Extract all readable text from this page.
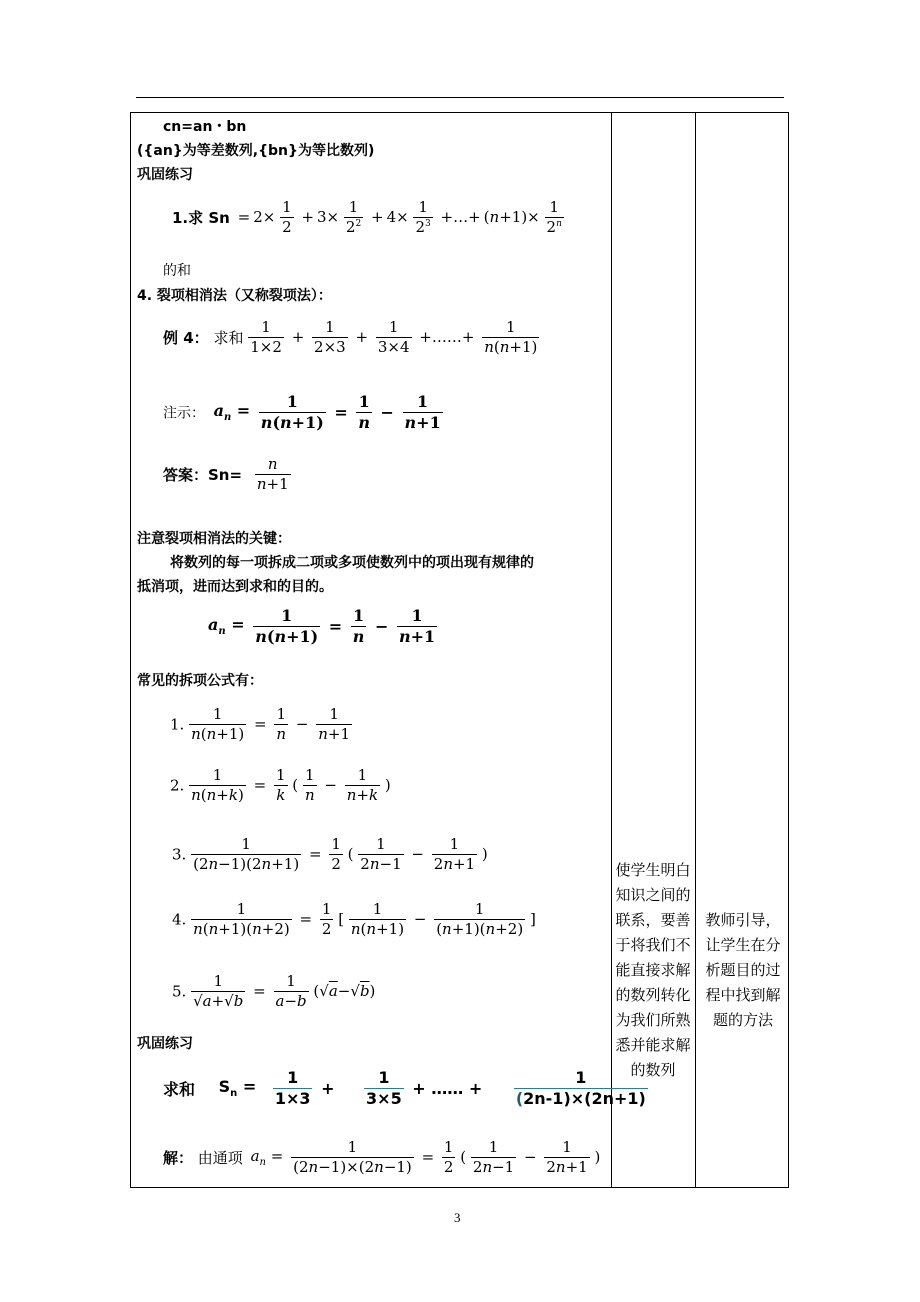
cn=an・bn
({an}为等差数列,{bn}为等比数列)
巩固练习
1.求 $Sn = 2\times \frac{1}{2} + 3\times \frac{1}{2^2} + 4\times \frac{1}{2^3}$ +…+ $(n+1)\times \frac{1}{2^n}$
的和
4. 裂项相消法（又称裂项法）：
例 4： 求和 $\frac{1}{1\times 2} + \frac{1}{2\times 3} + \frac{1}{3\times 4}$ +……+ $\frac{1}{n(n+1)}$
注示： $a_n = \frac{1}{n(n+1)} = \frac{1}{n} - \frac{1}{n+1}$
答案：$Sn= \frac{n}{n+1}$
注意裂项相消法的关键：
将数列的每一项拆成二项或多项使数列中的项出现有规律的
抵消项，进而达到求和的目的。
$a_n = \frac{1}{n(n+1)} = \frac{1}{n} - \frac{1}{n+1}$
常见的拆项公式有：
1. $\frac{1}{n(n+1)} = \frac{1}{n} - \frac{1}{n+1}$
2. $\frac{1}{n(n+k)} = \frac{1}{k}$ ( $\frac{1}{n} - \frac{1}{n+k}$ )
3. $\frac{1}{(2n-1)(2n+1)} = \frac{1}{2}$ ( $\frac{1}{2n-1} - \frac{1}{2n+1}$ )
4. $\frac{1}{n(n+1)(n+2)} = \frac{1}{2}$ [ $\frac{1}{n(n+1)} - \frac{1}{(n+1)(n+2)}$ ]
5. $\frac{1}{√a+√b} = \frac{1}{a-b} (√a-√b)$
巩固练习
求和 $S_n = \frac{1}{1\times 3} + \frac{1}{3\times 5}$ + …… + $\frac{1}{(2n-1)\times(2n+1)}$
解： 由通项 $a_n = \frac{1}{(2n-1)\times(2n-1)} = \frac{1}{2}$ ( $\frac{1}{2n-1} - \frac{1}{2n+1}$ )
使学生明白知识之间的联系，要善于将我们不能直接求解的数列转化为我们所熟悉并能求解的数列
教师引导，让学生在分析题目的过程中找到解题的方法
3
